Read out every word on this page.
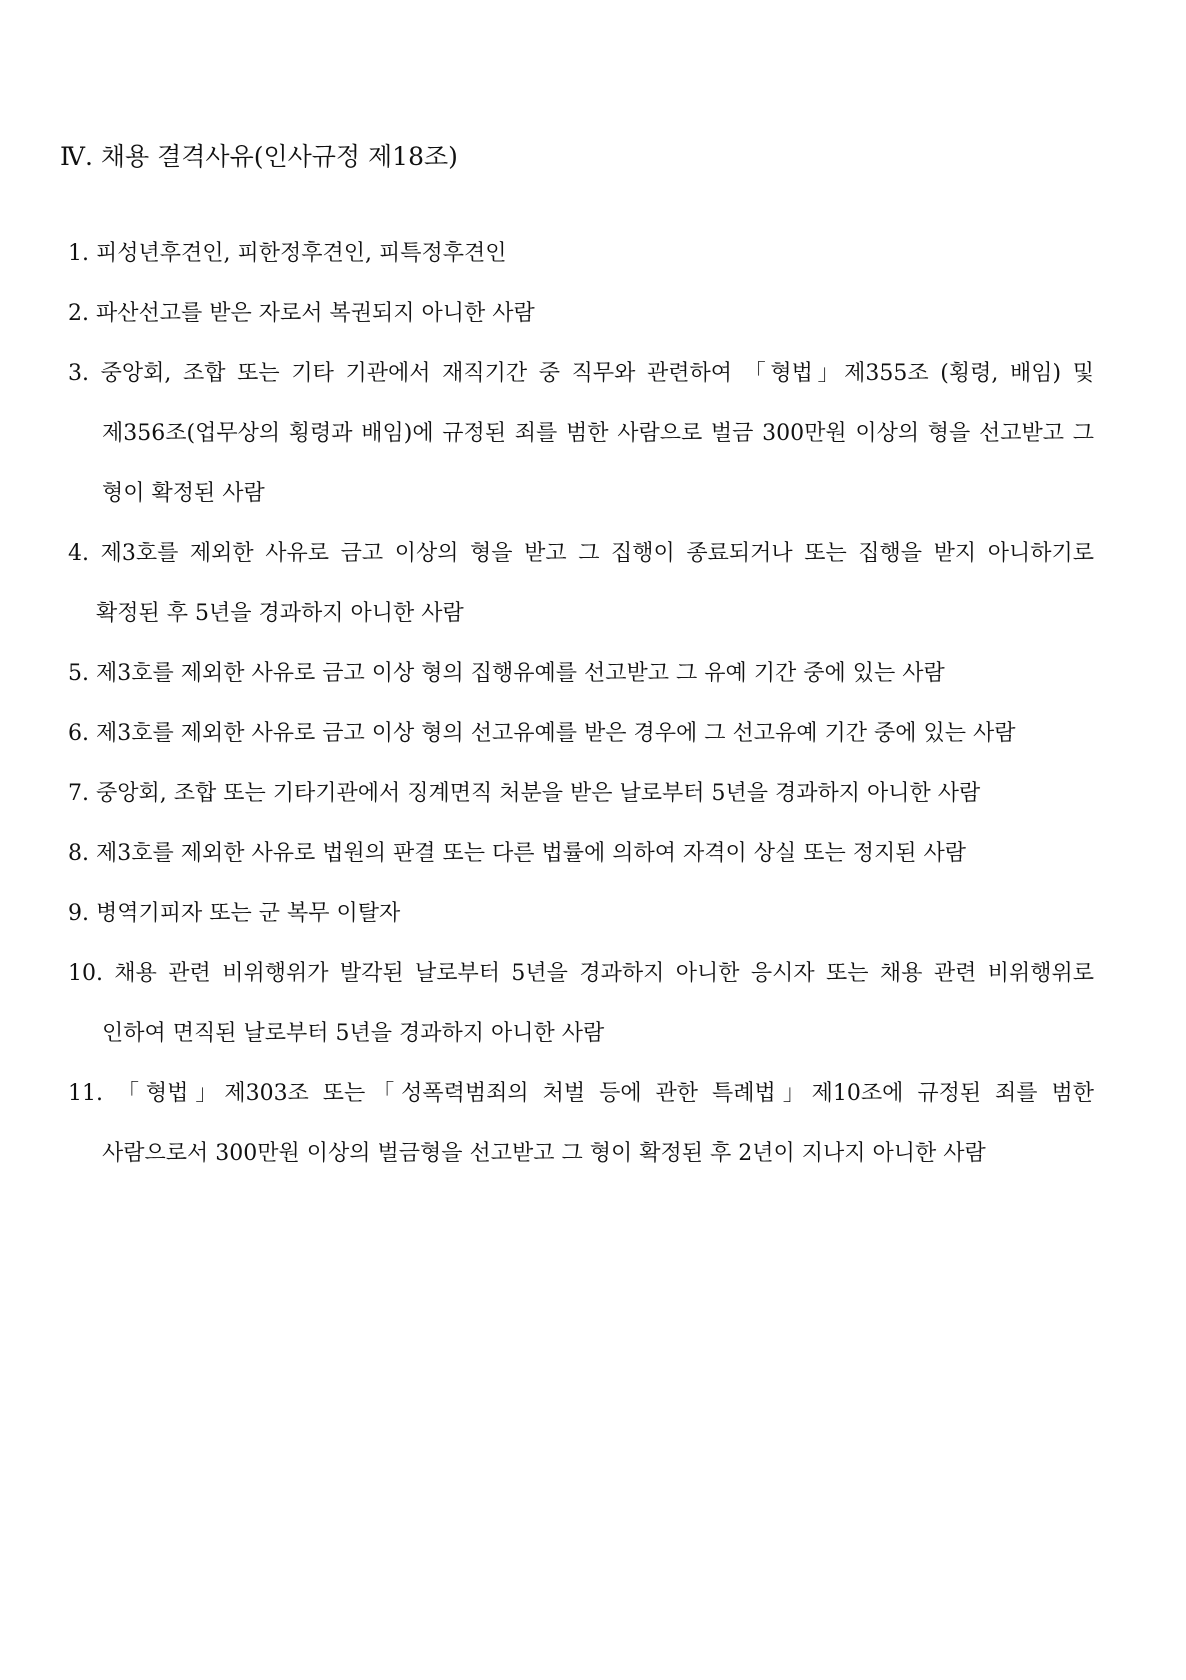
Ⅳ. 채용 결격사유(인사규정 제18조)
1. 피성년후견인, 피한정후견인, 피특정후견인
2. 파산선고를 받은 자로서 복권되지 아니한 사람
3. 중앙회, 조합 또는 기타 기관에서 재직기간 중 직무와 관련하여 「형법」제355조 (횡령, 배임) 및 제356조(업무상의 횡령과 배임)에 규정된 죄를 범한 사람으로 벌금 300만원 이상의 형을 선고받고 그 형이 확정된 사람
4. 제3호를 제외한 사유로 금고 이상의 형을 받고 그 집행이 종료되거나 또는 집행을 받지 아니하기로 확정된 후 5년을 경과하지 아니한 사람
5. 제3호를 제외한 사유로 금고 이상 형의 집행유예를 선고받고 그 유예 기간 중에 있는 사람
6. 제3호를 제외한 사유로 금고 이상 형의 선고유예를 받은 경우에 그 선고유예 기간 중에 있는 사람
7. 중앙회, 조합 또는 기타기관에서 징계면직 처분을 받은 날로부터 5년을 경과하지 아니한 사람
8. 제3호를 제외한 사유로 법원의 판결 또는 다른 법률에 의하여 자격이 상실 또는 정지된 사람
9. 병역기피자 또는 군 복무 이탈자
10. 채용 관련 비위행위가 발각된 날로부터 5년을 경과하지 아니한 응시자 또는 채용 관련 비위행위로 인하여 면직된 날로부터 5년을 경과하지 아니한 사람
11. 「형법」제303조 또는「성폭력범죄의 처벌 등에 관한 특례법」제10조에 규정된 죄를 범한 사람으로서 300만원 이상의 벌금형을 선고받고 그 형이 확정된 후 2년이 지나지 아니한 사람
